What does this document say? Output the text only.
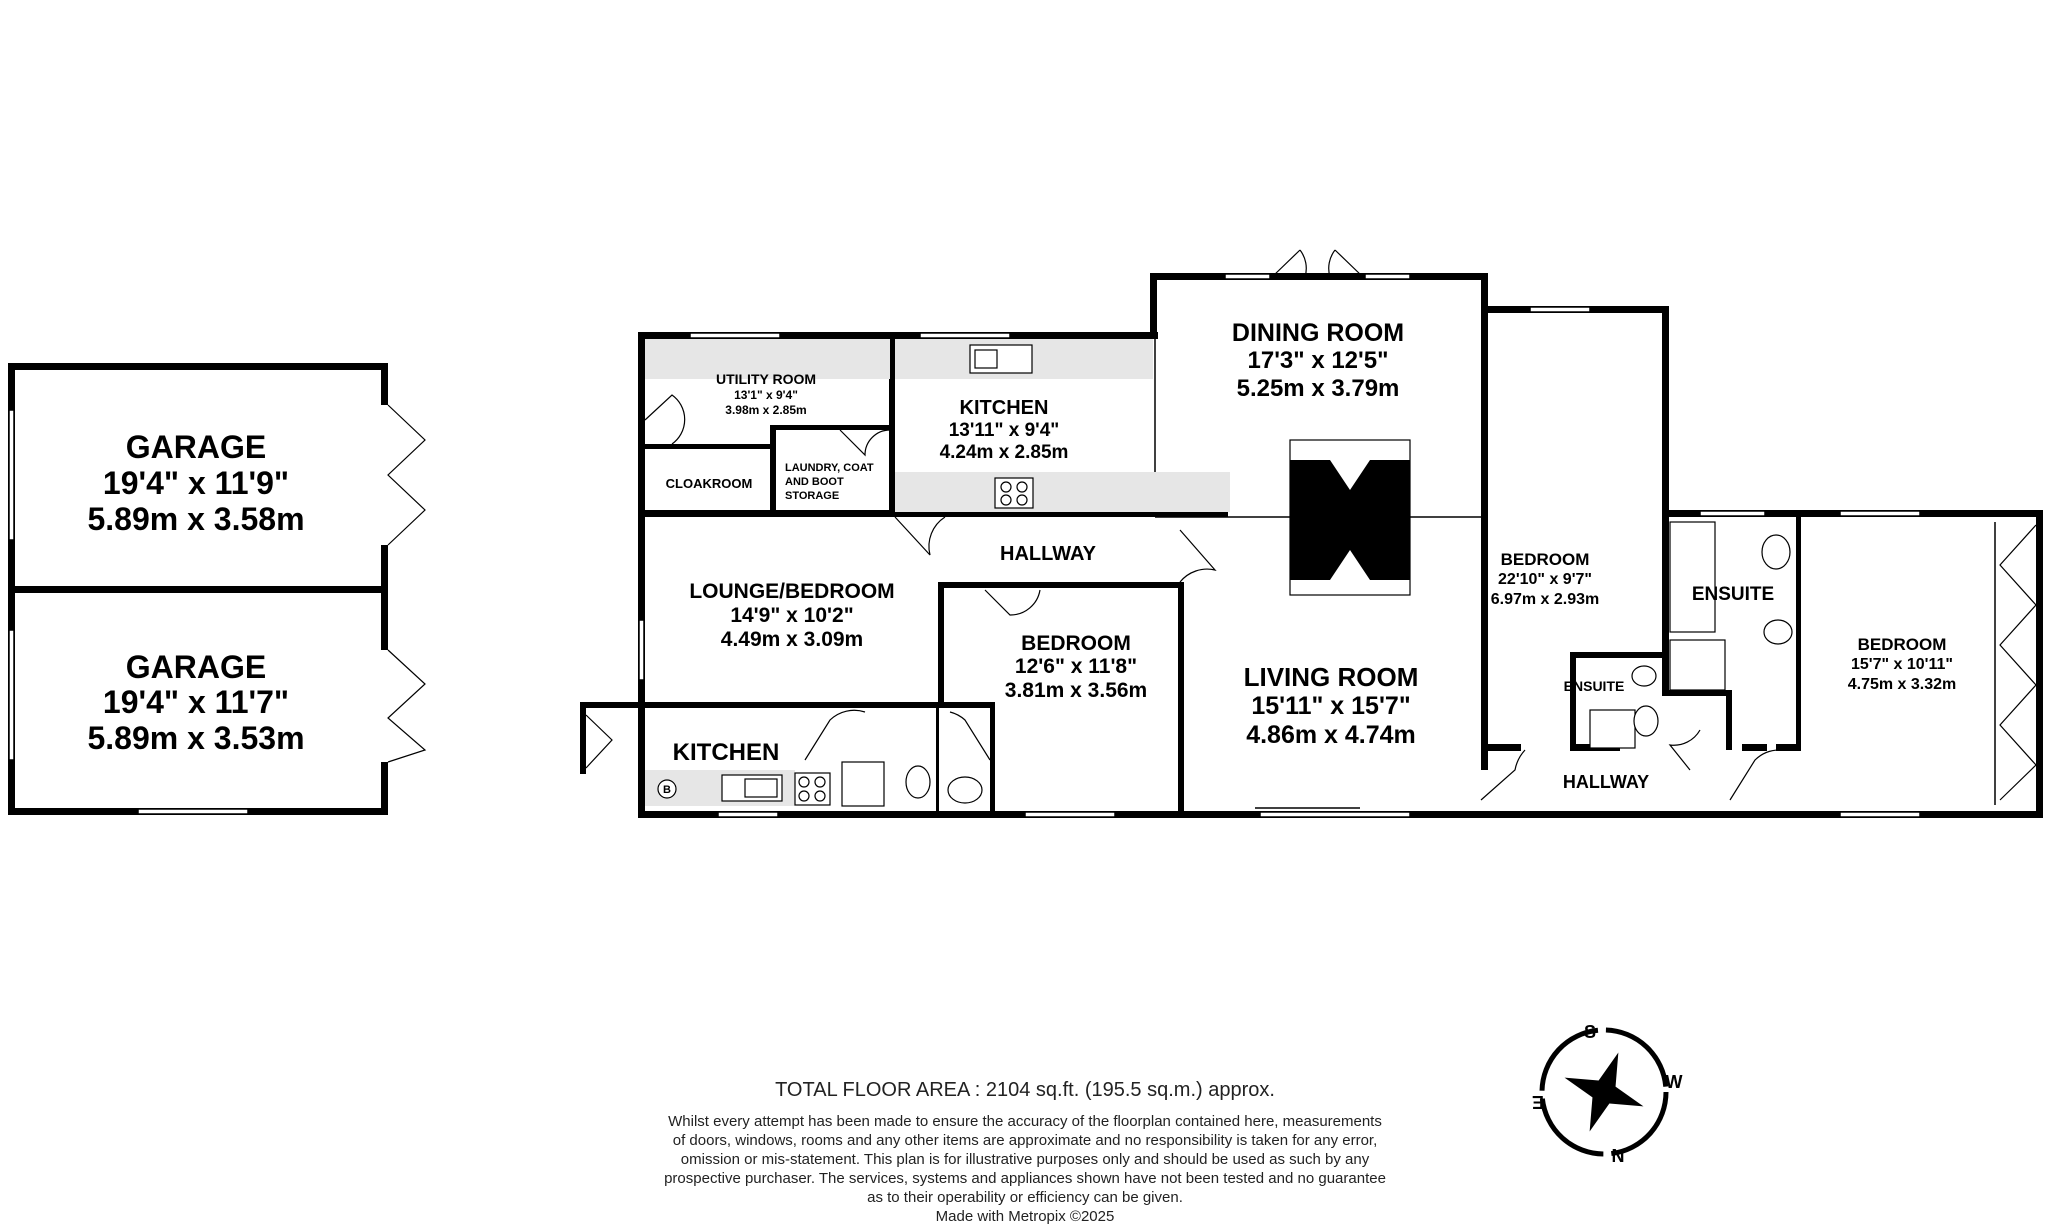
GARAGE
19'4" x 11'9"
5.89m x 3.58m
GARAGE
19'4" x 11'7"
5.89m x 3.53m
UTILITY ROOM
13'1" x 9'4"
3.98m x 2.85m
CLOAKROOM
LAUNDRY, COAT
AND BOOT
STORAGE
KITCHEN
13'11" x 9'4"
4.24m x 2.85m
DINING ROOM
17'3" x 12'5"
5.25m x 3.79m
HALLWAY
LOUNGE/BEDROOM
14'9" x 10'2"
4.49m x 3.09m	BEDROOM
12'6" x 11'8"
3.81m x 3.56m
KITCHEN
B
LIVING ROOM
15'11" x 15'7"
4.86m x 4.74m
BEDROOM
22'10" x 9'7"
6.97m x 2.93m
ENSUITE
ENSUITE
BEDROOM
15'7" x 10'11"
4.75m x 3.32m
HALLWAY
TOTAL FLOOR AREA : 2104 sq.ft. (195.5 sq.m.) approx.
Whilst every attempt has been made to ensure the accuracy of the floorplan contained here, measurements
of doors, windows, rooms and any other items are approximate and no responsibility is taken for any error,
omission or mis-statement. This plan is for illustrative purposes only and should be used as such by any
prospective purchaser. The services, systems and appliances shown have not been tested and no guarantee
as to their operability or efficiency can be given.
Made with Metropix ©2025
S
N
E
W
